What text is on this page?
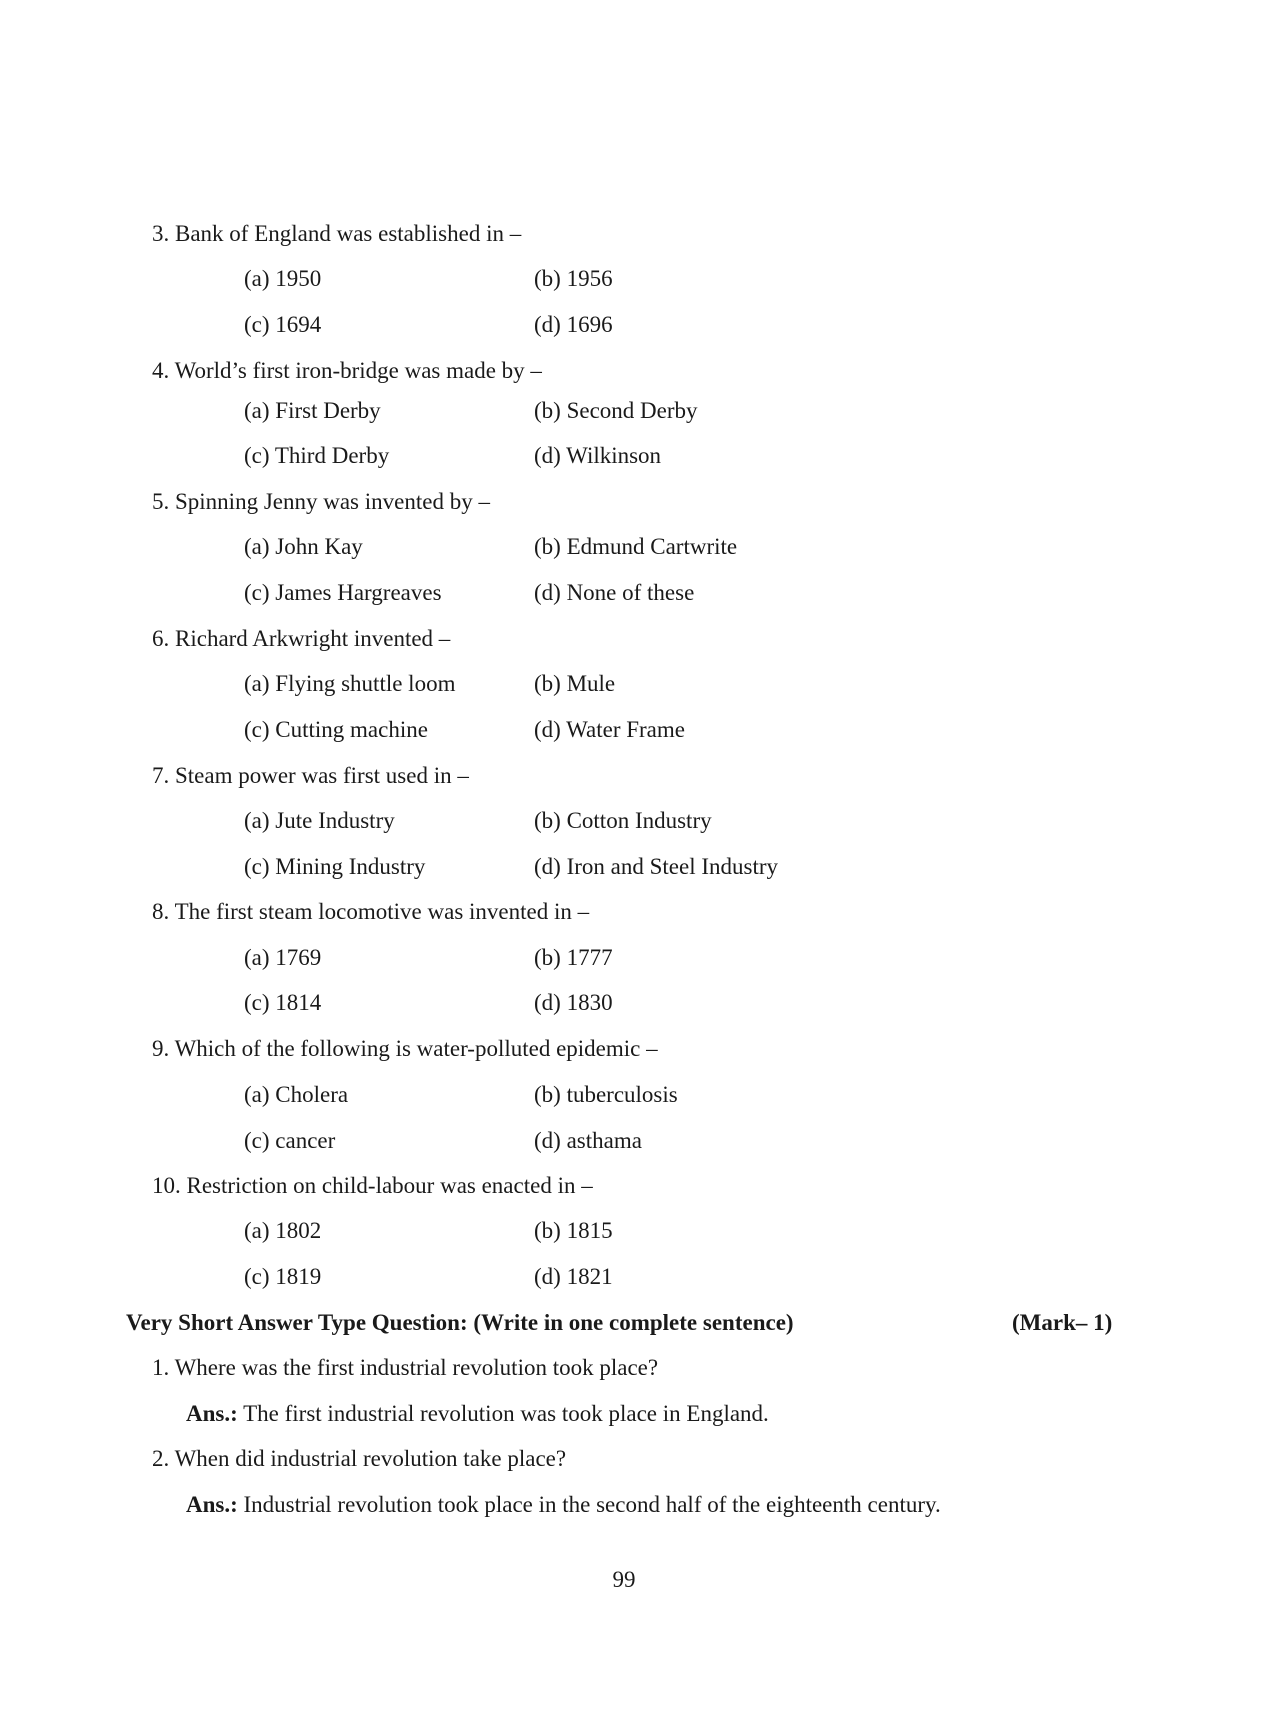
3. Bank of England was established in –
(a) 1950	(b) 1956
(c) 1694	(d) 1696
4. World’s first iron-bridge was made by –
(a) First Derby	(b) Second Derby
(c) Third Derby	(d) Wilkinson
5. Spinning Jenny was invented by –
(a) John Kay	(b) Edmund Cartwrite
(c) James Hargreaves	(d) None of these
6. Richard Arkwright invented –
(a) Flying shuttle loom	(b) Mule
(c) Cutting machine	(d) Water Frame
7. Steam power was first used in –
(a) Jute Industry	(b) Cotton Industry
(c) Mining Industry	(d) Iron and Steel Industry
8. The first steam locomotive was invented in –
(a) 1769	(b) 1777
(c) 1814	(d) 1830
9. Which of the following is water-polluted epidemic –
(a) Cholera	(b) tuberculosis
(c) cancer	(d) asthama
10. Restriction on child-labour was enacted in –
(a) 1802	(b) 1815
(c) 1819	(d) 1821
Very Short Answer Type Question: (Write in one complete sentence)	(Mark– 1)
1. Where was the first industrial revolution took place?
Ans.: The first industrial revolution was took place in England.
2. When did industrial revolution take place?
Ans.: Industrial revolution took place in the second half of the eighteenth century.
99
